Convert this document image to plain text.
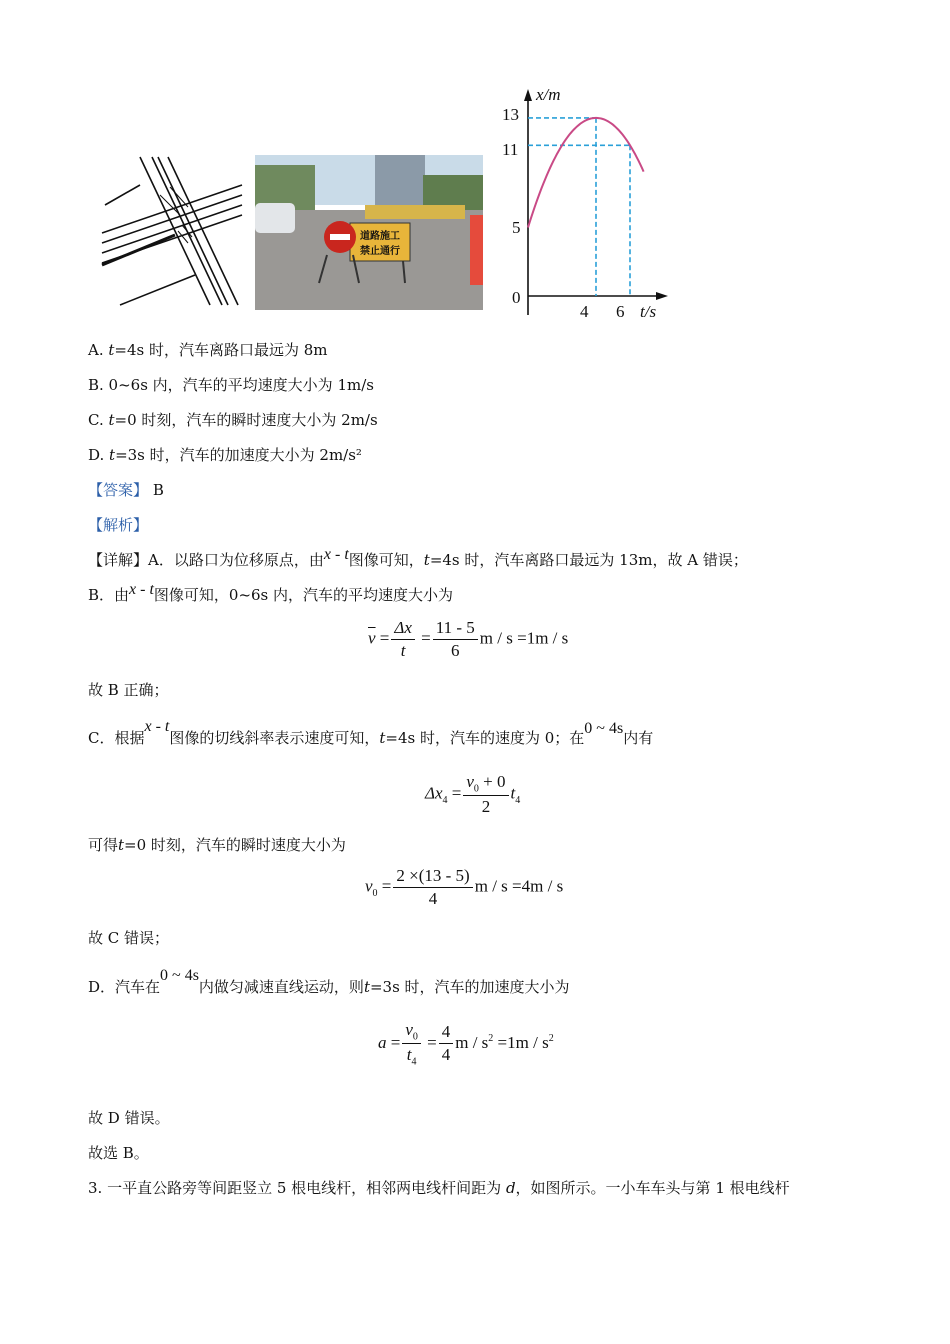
道路施工
禁止通行
x/m
t/s
13
11
5
0
4 6
A. t=4s 时，汽车离路口最远为 8m
B. 0~6s 内，汽车的平均速度大小为 1m/s
C. t=0 时刻，汽车的瞬时速度大小为 2m/s
D. t=3s 时，汽车的加速度大小为 2m/s²
【答案】 B
【解析】
【详解】A．以路口为位移原点，由x - t图像可知，t=4s 时，汽车离路口最远为 13m，故 A 错误；
B．由x - t图像可知，0~6s 内，汽车的平均速度大小为
$\overline{v} = \frac{\Delta x}{t} = \frac{11 - 5}{6}$ m / s =1m / s
故 B 正确；
C．根据x - t图像的切线斜率表示速度可知，t=4s 时，汽车的速度为 0；在0 ~ 4s内有
$\Delta x_4 = \frac{v_0 + 0}{2} t_4$
可得t=0 时刻，汽车的瞬时速度大小为
$v_0 = \frac{2 \times(13 - 5)}{4}$ m / s =4m / s
故 C 错误；
D．汽车在0 ~ 4s内做匀减速直线运动，则t=3s 时，汽车的加速度大小为
$a = \frac{v_0}{t_4} = \frac{4}{4}$ $m / s^2 =1m / s^2$
故 D 错误。
故选 B。
3. 一平直公路旁等间距竖立 5 根电线杆，相邻两电线杆间距为 d，如图所示。一小车车头与第 1 根电线杆
